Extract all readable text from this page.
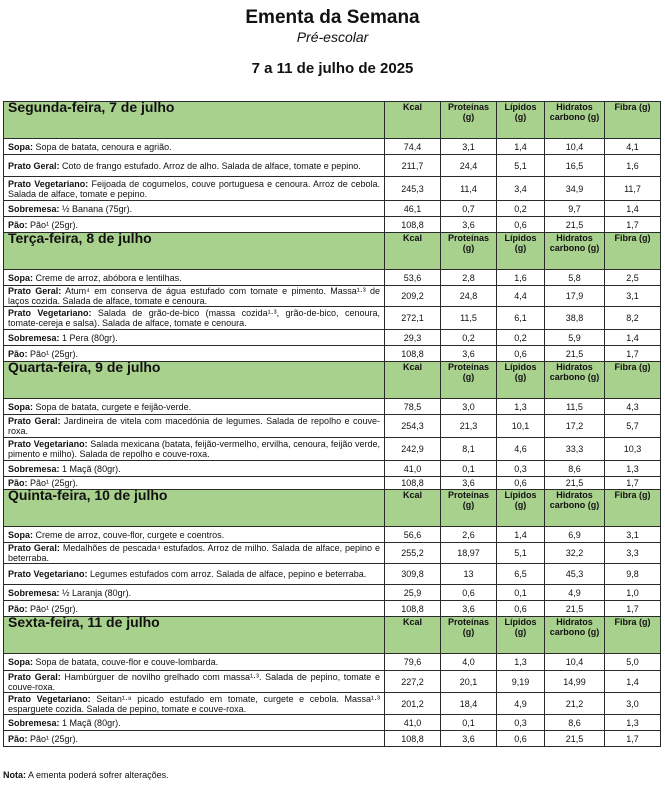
Ementa da Semana
Pré-escolar
7 a 11 de julho de 2025
Segunda-feira, 7 de julho	Kcal	Proteínas (g)	Lípidos (g)	Hidratos carbono (g)	Fibra (g)
Sopa: Sopa de batata, cenoura e agrião.	74,4	3,1	1,4	10,4	4,1
Prato Geral: Coto de frango estufado. Arroz de alho. Salada de alface, tomate e pepino.	211,7	24,4	5,1	16,5	1,6
Prato Vegetariano: Feijoada de cogumelos, couve portuguesa e cenoura. Arroz de cebola. Salada de alface, tomate e pepino.	245,3	11,4	3,4	34,9	11,7
Sobremesa: ½ Banana (75gr).	46,1	0,7	0,2	9,7	1,4
Pão: Pão¹ (25gr).	108,8	3,6	0,6	21,5	1,7
Terça-feira, 8 de julho	Kcal	Proteínas (g)	Lípidos (g)	Hidratos carbono (g)	Fibra (g)
Sopa: Creme de arroz, abóbora e lentilhas.	53,6	2,8	1,6	5,8	2,5
Prato Geral: Atum⁴ em conserva de água estufado com tomate e pimento. Massa¹·³ de laços cozida. Salada de alface, tomate e cenoura.	209,2	24,8	4,4	17,9	3,1
Prato Vegetariano: Salada de grão-de-bico (massa cozida¹·³, grão-de-bico, cenoura, tomate-cereja e salsa). Salada de alface, tomate e cenoura.	272,1	11,5	6,1	38,8	8,2
Sobremesa: 1 Pera (80gr).	29,3	0,2	0,2	5,9	1,4
Pão: Pão¹ (25gr).	108,8	3,6	0,6	21,5	1,7
Quarta-feira, 9 de julho	Kcal	Proteínas (g)	Lípidos (g)	Hidratos carbono (g)	Fibra (g)
Sopa: Sopa de batata, curgete e feijão-verde.	78,5	3,0	1,3	11,5	4,3
Prato Geral: Jardineira de vitela com macedónia de legumes. Salada de repolho e couve-roxa.	254,3	21,3	10,1	17,2	5,7
Prato Vegetariano: Salada mexicana (batata, feijão-vermelho, ervilha, cenoura, feijão verde, pimento e milho). Salada de repolho e couve-roxa.	242,9	8,1	4,6	33,3	10,3
Sobremesa: 1 Maçã (80gr).	41,0	0,1	0,3	8,6	1,3
Pão: Pão¹ (25gr).	108,8	3,6	0,6	21,5	1,7
Quinta-feira, 10 de julho	Kcal	Proteínas (g)	Lípidos (g)	Hidratos carbono (g)	Fibra (g)
Sopa: Creme de arroz, couve-flor, curgete e coentros.	56,6	2,6	1,4	6,9	3,1
Prato Geral: Medalhões de pescada⁴ estufados. Arroz de milho. Salada de alface, pepino e beterraba.	255,2	18,97	5,1	32,2	3,3
Prato Vegetariano: Legumes estufados com arroz. Salada de alface, pepino e beterraba.	309,8	13	6,5	45,3	9,8
Sobremesa: ½ Laranja (80gr).	25,9	0,6	0,1	4,9	1,0
Pão: Pão¹ (25gr).	108,8	3,6	0,6	21,5	1,7
Sexta-feira, 11 de julho	Kcal	Proteínas (g)	Lípidos (g)	Hidratos carbono (g)	Fibra (g)
Sopa: Sopa de batata, couve-flor e couve-lombarda.	79,6	4,0	1,3	10,4	5,0
Prato Geral: Hambúrguer de novilho grelhado com massa¹·³. Salada de pepino, tomate e couve-roxa.	227,2	20,1	9,19	14,99	1,4
Prato Vegetariano: Seitan¹·⁸ picado estufado em tomate, curgete e cebola. Massa¹·³ esparguete cozida. Salada de pepino, tomate e couve-roxa.	201,2	18,4	4,9	21,2	3,0
Sobremesa: 1 Maçã (80gr).	41,0	0,1	0,3	8,6	1,3
Pão: Pão¹ (25gr).	108,8	3,6	0,6	21,5	1,7
Nota: A ementa poderá sofrer alterações.
